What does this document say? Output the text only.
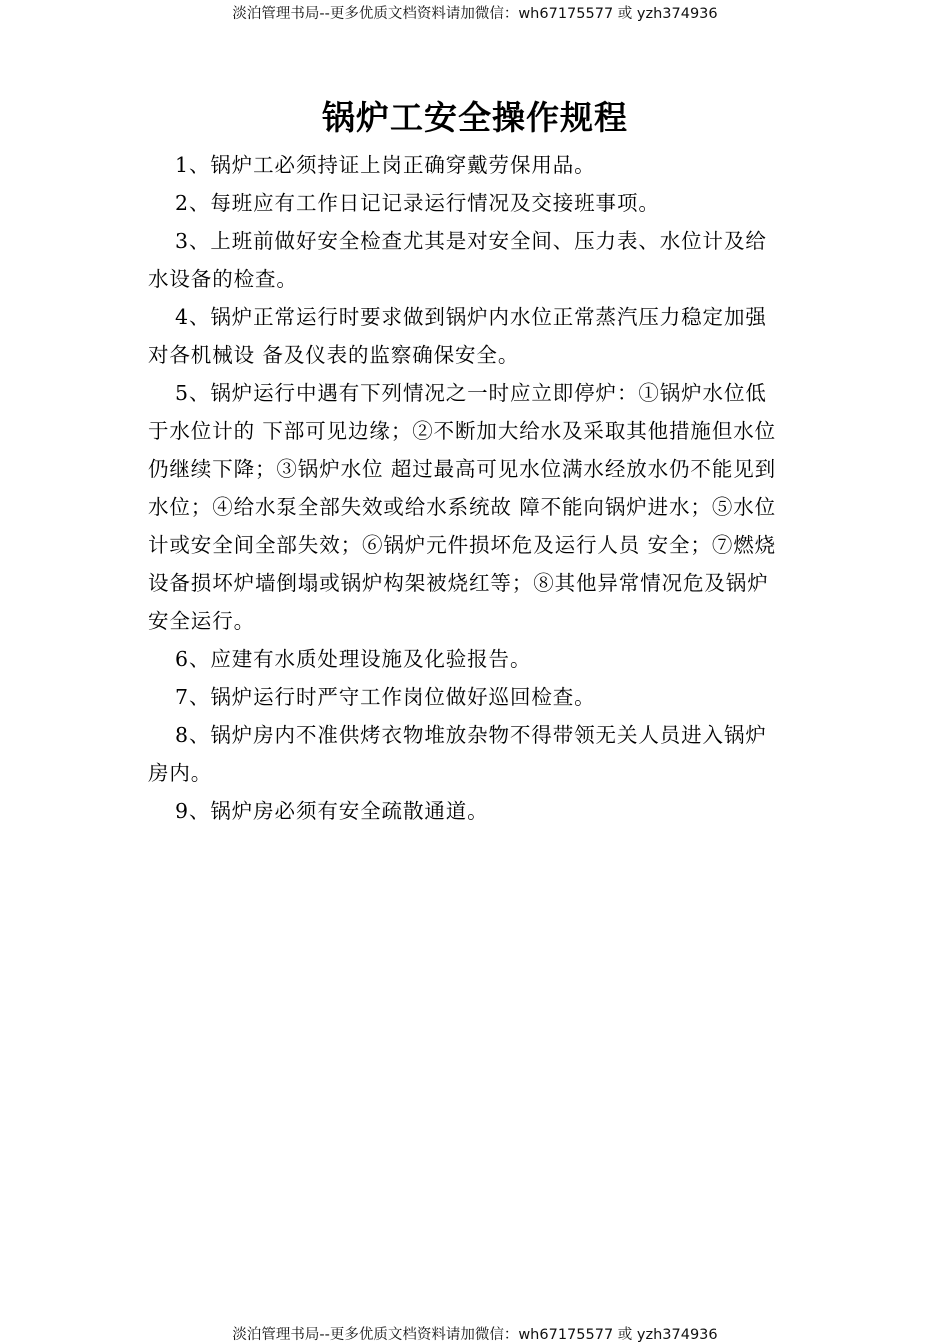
淡泊管理书局--更多优质文档资料请加微信：wh67175577 或 yzh374936
锅炉工安全操作规程
1、锅炉工必须持证上岗正确穿戴劳保用品。
2、每班应有工作日记记录运行情况及交接班事项。
3、上班前做好安全检查尤其是对安全间、压力表、水位计及给
水设备的检查。
4、锅炉正常运行时要求做到锅炉内水位正常蒸汽压力稳定加强
对各机械设 备及仪表的监察确保安全。
5、锅炉运行中遇有下列情况之一时应立即停炉：①锅炉水位低
于水位计的 下部可见边缘；②不断加大给水及采取其他措施但水位
仍继续下降；③锅炉水位 超过最高可见水位满水经放水仍不能见到
水位；④给水泵全部失效或给水系统故 障不能向锅炉进水；⑤水位
计或安全间全部失效；⑥锅炉元件损坏危及运行人员 安全；⑦燃烧
设备损坏炉墙倒塌或锅炉构架被烧红等；⑧其他异常情况危及锅炉
安全运行。
6、应建有水质处理设施及化验报告。
7、锅炉运行时严守工作岗位做好巡回检查。
8、锅炉房内不准供烤衣物堆放杂物不得带领无关人员进入锅炉
房内。
9、锅炉房必须有安全疏散通道。
淡泊管理书局--更多优质文档资料请加微信：wh67175577 或 yzh374936
